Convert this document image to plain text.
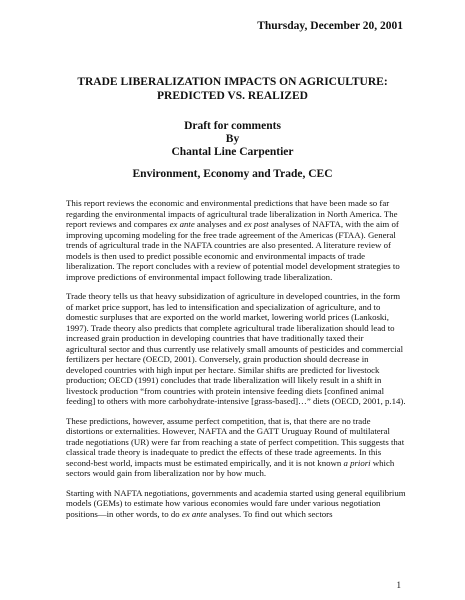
Thursday, December 20, 2001
TRADE LIBERALIZATION IMPACTS ON AGRICULTURE:
PREDICTED VS. REALIZED
Draft for comments
By
Chantal Line Carpentier
Environment, Economy and Trade, CEC

This report reviews the economic and environmental predictions that have been made so far regarding the environmental impacts of agricultural trade liberalization in North America. The report reviews and compares ex ante analyses and ex post analyses of NAFTA, with the aim of improving upcoming modeling for the free trade agreement of the Americas (FTAA). General trends of agricultural trade in the NAFTA countries are also presented. A literature review of models is then used to predict possible economic and environmental impacts of trade liberalization. The report concludes with a review of potential model development strategies to improve predictions of environmental impact following trade liberalization.

Trade theory tells us that heavy subsidization of agriculture in developed countries, in the form of market price support, has led to intensification and specialization of agriculture, and to domestic surpluses that are exported on the world market, lowering world prices (Lankoski, 1997). Trade theory also predicts that complete agricultural trade liberalization should lead to increased grain production in developing countries that have traditionally taxed their agricultural sector and thus currently use relatively small amounts of pesticides and commercial fertilizers per hectare (OECD, 2001). Conversely, grain production should decrease in developed countries with high input per hectare. Similar shifts are predicted for livestock production; OECD (1991) concludes that trade liberalization will likely result in a shift in livestock production “from countries with protein intensive feeding diets [confined animal feeding] to others with more carbohydrate-intensive [grass-based]…” diets (OECD, 2001, p.14).

These predictions, however, assume perfect competition, that is, that there are no trade distortions or externalities. However, NAFTA and the GATT Uruguay Round of multilateral trade negotiations (UR) were far from reaching a state of perfect competition. This suggests that classical trade theory is inadequate to predict the effects of these trade agreements. In this second-best world, impacts must be estimated empirically, and it is not known a priori which sectors would gain from liberalization nor by how much.

Starting with NAFTA negotiations, governments and academia started using general equilibrium models (GEMs) to estimate how various economies would fare under various negotiation positions—in other words, to do ex ante analyses. To find out which sectors

1
